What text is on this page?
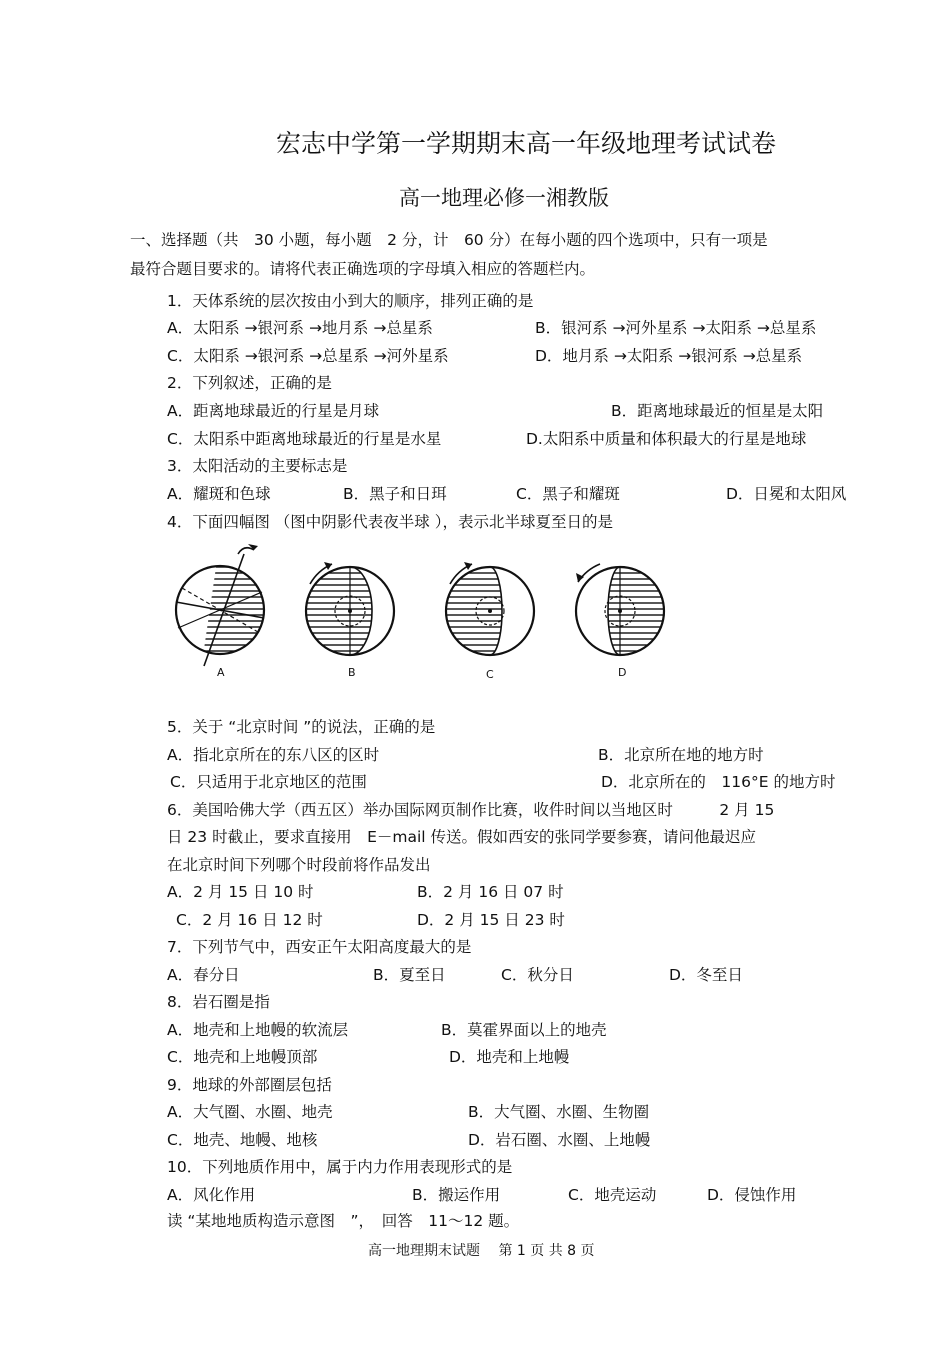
宏志中学第一学期期末高一年级地理考试试卷
高一地理必修一湘教版
一、选择题（共　30 小题，每小题　2 分，计　60 分）在每小题的四个选项中，只有一项是
最符合题目要求的。请将代表正确选项的字母填入相应的答题栏内。
1．天体系统的层次按由小到大的顺序，排列正确的是
A．太阳系 →银河系 →地月系 →总星系	B．银河系 →河外星系 →太阳系 →总星系
C．太阳系 →银河系 →总星系 →河外星系	D．地月系 →太阳系 →银河系 →总星系
2．下列叙述，正确的是
A．距离地球最近的行星是月球	B．距离地球最近的恒星是太阳
C．太阳系中距离地球最近的行星是水星	D.太阳系中质量和体积最大的行星是地球
3．太阳活动的主要标志是
A．耀斑和色球	B．黑子和日珥	C．黑子和耀斑	D．日冕和太阳风
4．下面四幅图 （图中阴影代表夜半球 ），表示北半球夏至日的是
A	B	C	D
5．关于 “北京时间 ”的说法，正确的是
A．指北京所在的东八区的区时	B．北京所在地的地方时
C．只适用于北京地区的范围	D．北京所在的　116°E 的地方时
6．美国哈佛大学（西五区）举办国际网页制作比赛，收件时间以当地区时　　　2 月 15
日 23 时截止，要求直接用　E－mail 传送。假如西安的张同学要参赛，请问他最迟应
在北京时间下列哪个时段前将作品发出
A．2 月 15 日 10 时	B．2 月 16 日 07 时
C．2 月 16 日 12 时	D．2 月 15 日 23 时
7．下列节气中，西安正午太阳高度最大的是
A．春分日	B．夏至日	C．秋分日	D．冬至日
8．岩石圈是指
A．地壳和上地幔的软流层	B．莫霍界面以上的地壳
C．地壳和上地幔顶部	D．地壳和上地幔
9．地球的外部圈层包括
A．大气圈、水圈、地壳	B．大气圈、水圈、生物圈
C．地壳、地幔、地核	D．岩石圈、水圈、上地幔
10．下列地质作用中，属于内力作用表现形式的是
A．风化作用	B．搬运作用	C．地壳运动	D．侵蚀作用
读 “某地地质构造示意图　”，　回答　11～12 题。
高一地理期末试题　 第 1 页 共 8 页
